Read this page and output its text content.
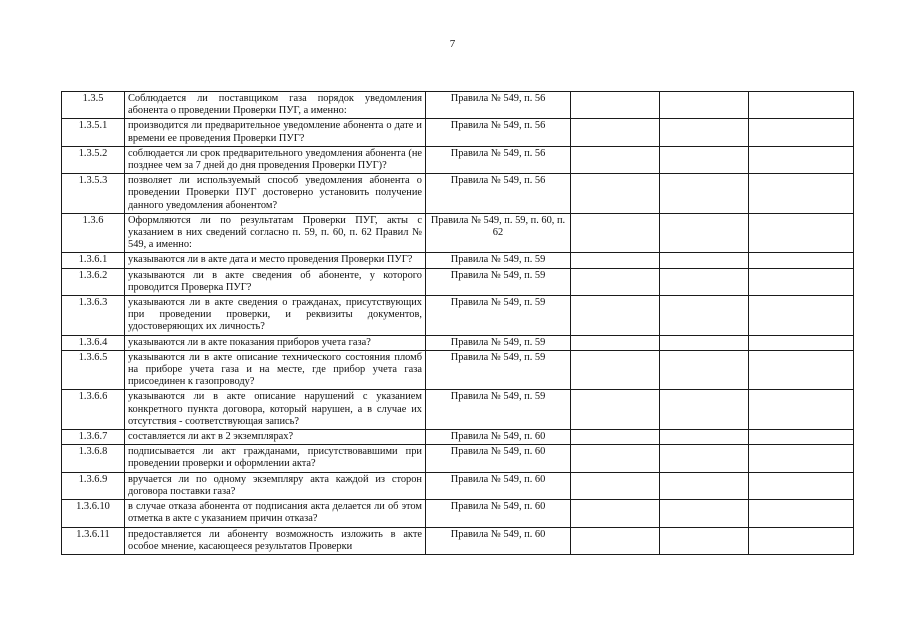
7
1.3.5	Соблюдается ли поставщиком газа порядок уведомления абонента о проведении Проверки ПУГ, а именно:	Правила № 549, п. 56			
1.3.5.1	производится ли предварительное уведомление абонента о дате и времени ее проведения Проверки ПУГ?	Правила № 549, п. 56			
1.3.5.2	соблюдается ли срок предварительного уведомления абонента (не позднее чем за 7 дней до дня проведения Проверки ПУГ)?	Правила № 549, п. 56			
1.3.5.3	позволяет ли используемый способ уведомления абонента о проведении Проверки ПУГ достоверно установить получение данного уведомления абонентом?	Правила № 549, п. 56			
1.3.6	Оформляются ли по результатам Проверки ПУГ, акты с указанием в них сведений согласно п. 59, п. 60, п. 62 Правил № 549, а именно:	Правила № 549, п. 59, п. 60, п. 62			
1.3.6.1	указываются ли в акте дата и место проведения Проверки ПУГ?	Правила № 549, п. 59			
1.3.6.2	указываются ли в акте сведения об абоненте, у которого проводится Проверка ПУГ?	Правила № 549, п. 59			
1.3.6.3	указываются ли в акте сведения о гражданах, присутствующих при проведении проверки, и реквизиты документов, удостоверяющих их личность?	Правила № 549, п. 59			
1.3.6.4	указываются ли в акте показания приборов учета газа?	Правила № 549, п. 59			
1.3.6.5	указываются ли в акте описание технического состояния пломб на приборе учета газа и на месте, где прибор учета газа присоединен к газопроводу?	Правила № 549, п. 59			
1.3.6.6	указываются ли в акте описание нарушений с указанием конкретного пункта договора, который нарушен, а в случае их отсутствия - соответствующая запись?	Правила № 549, п. 59			
1.3.6.7	составляется ли акт в 2 экземплярах?	Правила № 549, п. 60			
1.3.6.8	подписывается ли акт гражданами, присутствовавшими при проведении проверки и оформлении акта?	Правила № 549, п. 60			
1.3.6.9	вручается ли по одному экземпляру акта каждой из сторон договора поставки газа?	Правила № 549, п. 60			
1.3.6.10	в случае отказа абонента от подписания акта делается ли об этом отметка в акте с указанием причин отказа?	Правила № 549, п. 60			
1.3.6.11	предоставляется ли абоненту возможность изложить в акте особое мнение, касающееся результатов Проверки	Правила № 549, п. 60			
